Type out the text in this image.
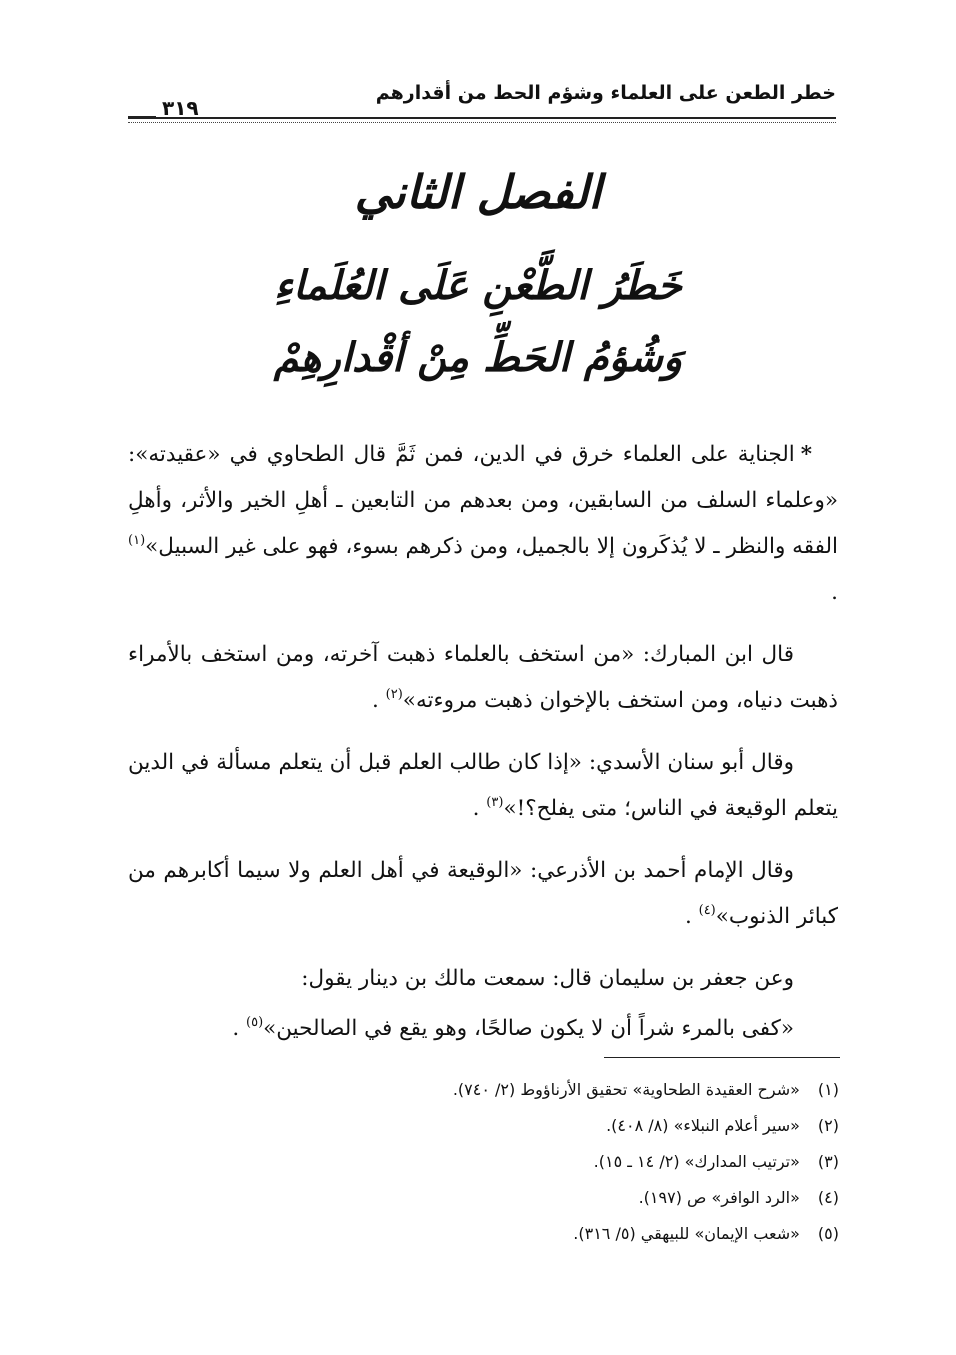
خطر الطعن على العلماء وشؤم الحط من أقدارهم
٣١٩
الفصل الثاني
خَطَرُ الطَّعْنِ عَلَى العُلَماءِ
وَشُؤمُ الحَطِّ مِنْ أقْدارِهِمْ

*الجناية على العلماء خرق في الدين، فمن ثَمَّ قال الطحاوي في «عقيدته»: «وعلماء السلف من السابقين، ومن بعدهم من التابعين ـ أهلِ الخير والأثر، وأهلِ الفقه والنظر ـ لا يُذكَرون إلا بالجميل، ومن ذكرهم بسوء، فهو على غير السبيل»$^{(١)}$ .

قال ابن المبارك: «من استخف بالعلماء ذهبت آخرته، ومن استخف بالأمراء ذهبت دنياه، ومن استخف بالإخوان ذهبت مروءته»$^{(٢)}$ .

وقال أبو سنان الأسدي: «إذا كان طالب العلم قبل أن يتعلم مسألة في الدين يتعلم الوقيعة في الناس؛ متى يفلح؟!»$^{(٣)}$ .

وقال الإمام أحمد بن الأذرعي: «الوقيعة في أهل العلم ولا سيما أكابرهم من كبائر الذنوب»$^{(٤)}$ .

وعن جعفر بن سليمان قال: سمعت مالك بن دينار يقول:

«كفى بالمرء شراً أن لا يكون صالحًا، وهو يقع في الصالحين»$^{(٥)}$ .

(١) «شرح العقيدة الطحاوية» تحقيق الأرناؤوط (٢/ ٧٤٠).
(٢) «سير أعلام النبلاء» (٨/ ٤٠٨).
(٣) «ترتيب المدارك» (٢/ ١٤ ـ ١٥).
(٤) «الرد الوافر» ص (١٩٧).
(٥) «شعب الإيمان» للبيهقي (٥/ ٣١٦).
